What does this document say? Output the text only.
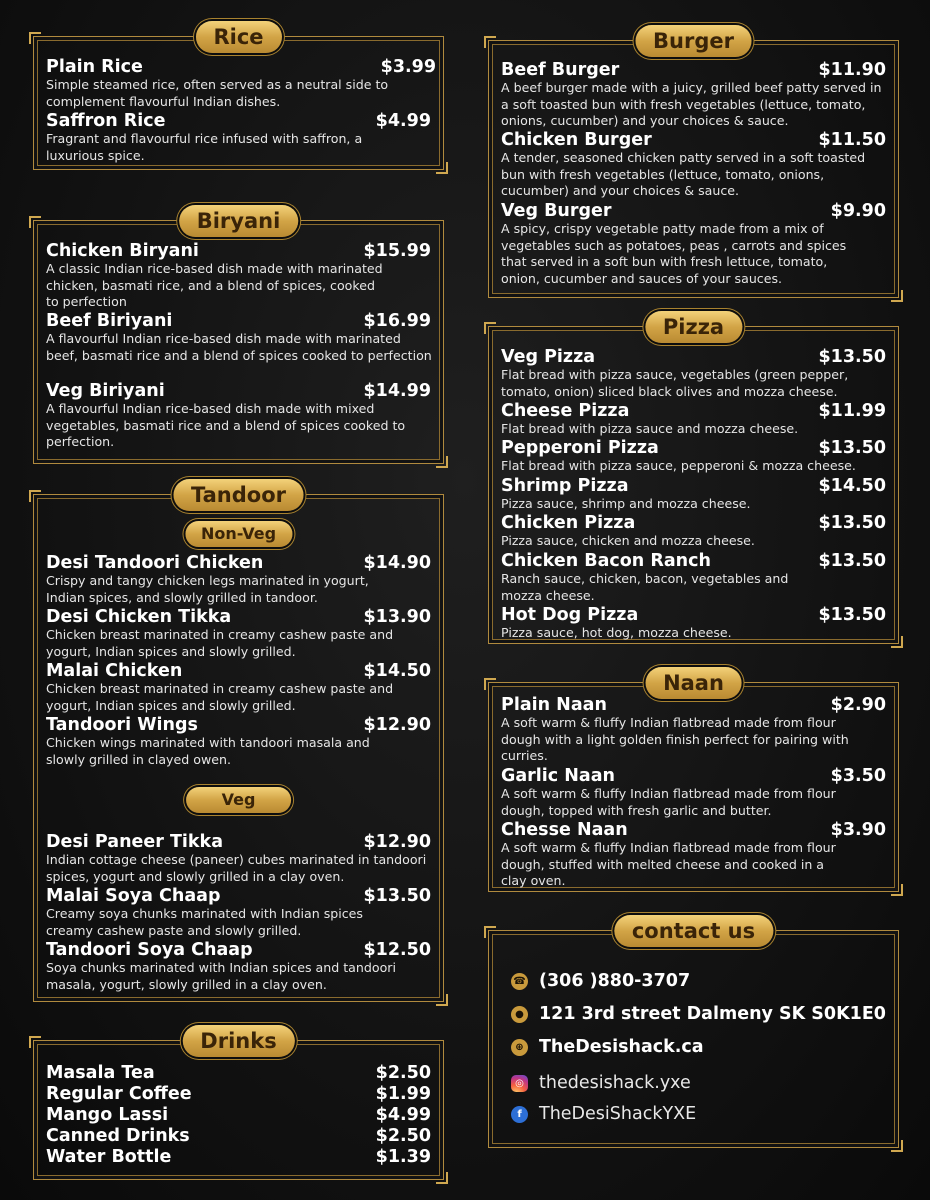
Rice
Plain Rice	$3.99
Simple steamed rice, often served as a neutral side to complement flavourful Indian dishes.
Saffron Rice	$4.99
Fragrant and flavourful rice infused with saffron, a luxurious spice.
Biryani
Chicken Biryani	$15.99
A classic Indian rice-based dish made with marinated chicken, basmati rice, and a blend of spices, cooked to perfection
Beef Biriyani	$16.99
A flavourful Indian rice-based dish made with marinated beef, basmati rice and a blend of spices cooked to perfection
Veg Biriyani	$14.99
A flavourful Indian rice-based dish made with mixed vegetables, basmati rice and a blend of spices cooked to perfection.
Tandoor
Non-Veg
Desi Tandoori Chicken	$14.90
Crispy and tangy chicken legs marinated in yogurt, Indian spices, and slowly grilled in tandoor.
Desi Chicken Tikka	$13.90
Chicken breast marinated in creamy cashew paste and yogurt, Indian spices and slowly grilled.
Malai Chicken	$14.50
Chicken breast marinated in creamy cashew paste and yogurt, Indian spices and slowly grilled.
Tandoori Wings	$12.90
Chicken wings marinated with tandoori masala and slowly grilled in clayed owen.
Veg
Desi Paneer Tikka	$12.90
Indian cottage cheese (paneer) cubes marinated in tandoori spices, yogurt and slowly grilled in a clay oven.
Malai Soya Chaap	$13.50
Creamy soya chunks marinated with Indian spices creamy cashew paste and slowly grilled.
Tandoori Soya Chaap	$12.50
Soya chunks marinated with Indian spices and tandoori masala, yogurt, slowly grilled in a clay oven.
Drinks
Masala Tea	$2.50
Regular Coffee	$1.99
Mango Lassi	$4.99
Canned Drinks	$2.50
Water Bottle	$1.39
Burger
Beef Burger	$11.90
A beef burger made with a juicy, grilled beef patty served in a soft toasted bun with fresh vegetables (lettuce, tomato, onions, cucumber) and your choices & sauce.
Chicken Burger	$11.50
A tender, seasoned chicken patty served in a soft toasted bun with fresh vegetables (lettuce, tomato, onions, cucumber) and your choices & sauce.
Veg Burger	$9.90
A spicy, crispy vegetable patty made from a mix of vegetables such as potatoes, peas , carrots and spices that served in a soft bun with fresh lettuce, tomato, onion, cucumber and sauces of your sauces.
Pizza
Veg Pizza	$13.50
Flat bread with pizza sauce, vegetables (green pepper, tomato, onion) sliced black olives and mozza cheese.
Cheese Pizza	$11.99
Flat bread with pizza sauce and mozza cheese.
Pepperoni Pizza	$13.50
Flat bread with pizza sauce, pepperoni & mozza cheese.
Shrimp Pizza	$14.50
Pizza sauce, shrimp and mozza cheese.
Chicken Pizza	$13.50
Pizza sauce, chicken and mozza cheese.
Chicken Bacon Ranch	$13.50
Ranch sauce, chicken, bacon, vegetables and mozza cheese.
Hot Dog Pizza	$13.50
Pizza sauce, hot dog, mozza cheese.
Naan
Plain Naan	$2.90
A soft warm & fluffy Indian flatbread made from flour dough with a light golden finish perfect for pairing with curries.
Garlic Naan	$3.50
A soft warm & fluffy Indian flatbread made from flour dough, topped with fresh garlic and butter.
Chesse Naan	$3.90
A soft warm & fluffy Indian flatbread made from flour dough, stuffed with melted cheese and cooked in a clay oven.
contact us
☎ (306 )880-3707
● 121 3rd street Dalmeny SK S0K1E0
⊕ TheDesishack.ca
◎ thedesishack.yxe
f TheDesiShackYXE
